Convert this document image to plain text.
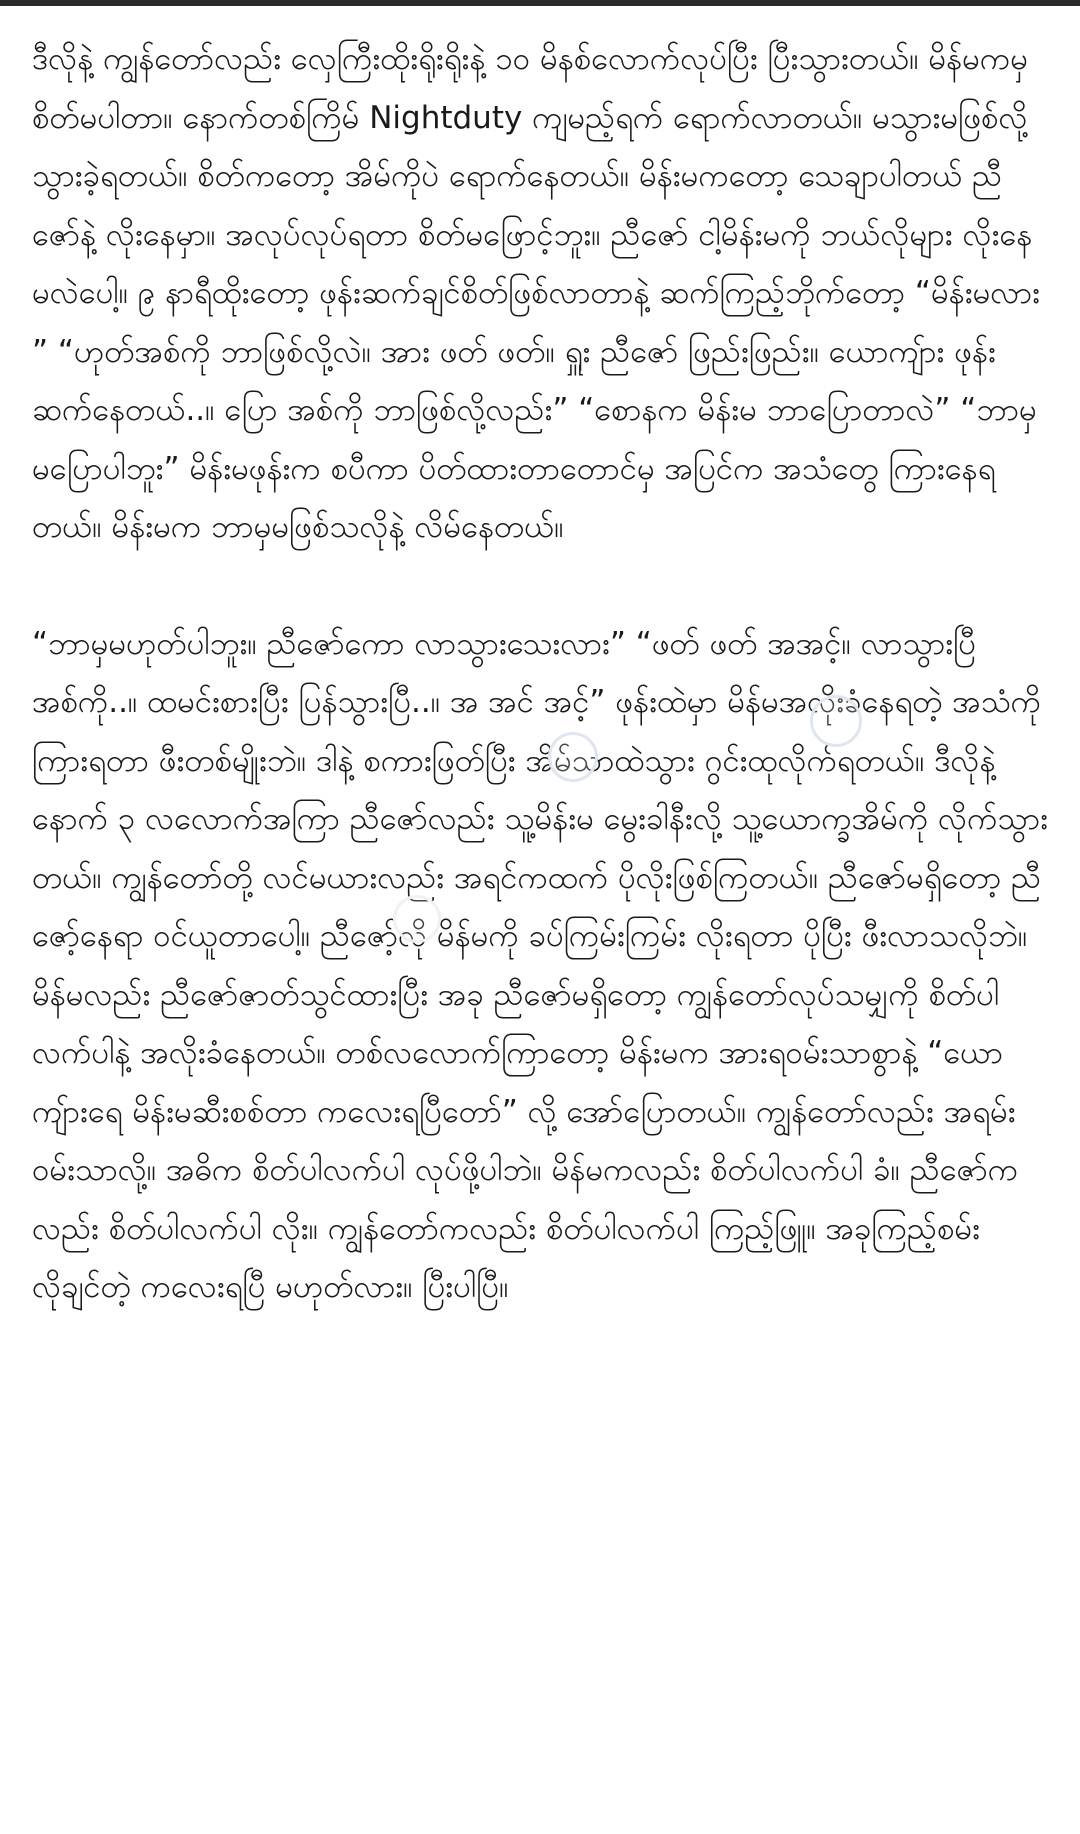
ဒီလိုနဲ့ ကျွန်တော်လည်း လှေကြီးထိုးရိုးရိုးနဲ့ ၁၀ မိနစ်လောက်လုပ်ပြီး ပြီးသွားတယ်။ မိန်မကမှ စိတ်မပါတာ။ နောက်တစ်ကြိမ် Nightduty ကျမည့်ရက် ရောက်လာတယ်။ မသွားမဖြစ်လို့ သွားခဲ့ရတယ်။ စိတ်ကတော့ အိမ်ကိုပဲ ရောက်နေတယ်။ မိန်းမကတော့ သေချာပါတယ် ညီဇော်နဲ့ လိုးနေမှာ။ အလုပ်လုပ်ရတာ စိတ်မဖြောင့်ဘူး။ ညီဇော် ငါ့မိန်းမကို ဘယ်လိုများ လိုးနေမလဲပေါ့။ ၉ နာရီထိုးတော့ ဖုန်းဆက်ချင်စိတ်ဖြစ်လာတာနဲ့ ဆက်ကြည့်ဘိုက်တော့ “မိန်းမလား ” “ဟုတ်အစ်ကို ဘာဖြစ်လို့လဲ။ အား ဖတ် ဖတ်။ ရှူး ညီဇော် ဖြည်းဖြည်း။ ယောကျ်ား ဖုန်းဆက်နေတယ်..။ ပြော အစ်ကို ဘာဖြစ်လို့လည်း” “စောနက မိန်းမ ဘာပြောတာလဲ” “ဘာမှမပြောပါဘူး” မိန်းမဖုန်းက စပီကာ ပိတ်ထားတာတောင်မှ အပြင်က အသံတွေ ကြားနေရတယ်။ မိန်းမက ဘာမှမဖြစ်သလိုနဲ့ လိမ်နေတယ်။

“ဘာမှမဟုတ်ပါဘူး။ ညီဇော်ကော လာသွားသေးလား” “ဖတ် ဖတ် အအင့်။ လာသွားပြီ အစ်ကို..။ ထမင်းစားပြီး ပြန်သွားပြီ..။ အ အင် အင့်” ဖုန်းထဲမှာ မိန်မအလိုးခံနေရတဲ့ အသံကို ကြားရတာ ဖီးတစ်မျိုးဘဲ။ ဒါနဲ့ စကားဖြတ်ပြီး အိမ်သာထဲသွား ဂွင်းထုလိုက်ရတယ်။ ဒီလိုနဲ့ နောက် ၃ လလောက်အကြာ ညီဇော်လည်း သူ့မိန်းမ မွေးခါနီးလို့ သူ့ယောက္ခအိမ်ကို လိုက်သွားတယ်။ ကျွန်တော်တို့ လင်မယားလည်း အရင်ကထက် ပိုလိုးဖြစ်ကြတယ်။ ညီဇော်မရှိတော့ ညီဇော့်နေရာ ဝင်ယူတာပေါ့။ ညီဇော့်လို မိန်မကို ခပ်ကြမ်းကြမ်း လိုးရတာ ပိုပြီး ဖီးလာသလိုဘဲ။ မိန်မလည်း ညီဇော်ဇာတ်သွင်ထားပြီး အခု ညီဇော်မရှိတော့ ကျွန်တော်လုပ်သမျှကို စိတ်ပါလက်ပါနဲ့ အလိုးခံနေတယ်။ တစ်လလောက်ကြာတော့ မိန်းမက အားရဝမ်းသာစွာနဲ့ “ယောကျ်ားရေ မိန်းမဆီးစစ်တာ ကလေးရပြီတော်” လို့ အော်ပြောတယ်။ ကျွန်တော်လည်း အရမ်းဝမ်းသာလို့။ အဓိက စိတ်ပါလက်ပါ လုပ်ဖို့ပါဘဲ။ မိန်မကလည်း စိတ်ပါလက်ပါ ခံ။ ညီဇော်ကလည်း စိတ်ပါလက်ပါ လိုး။ ကျွန်တော်ကလည်း စိတ်ပါလက်ပါ ကြည့်ဖြူ။ အခုကြည့်စမ်း လိုချင်တဲ့ ကလေးရပြီ မဟုတ်လား။ ပြီးပါပြီ။
